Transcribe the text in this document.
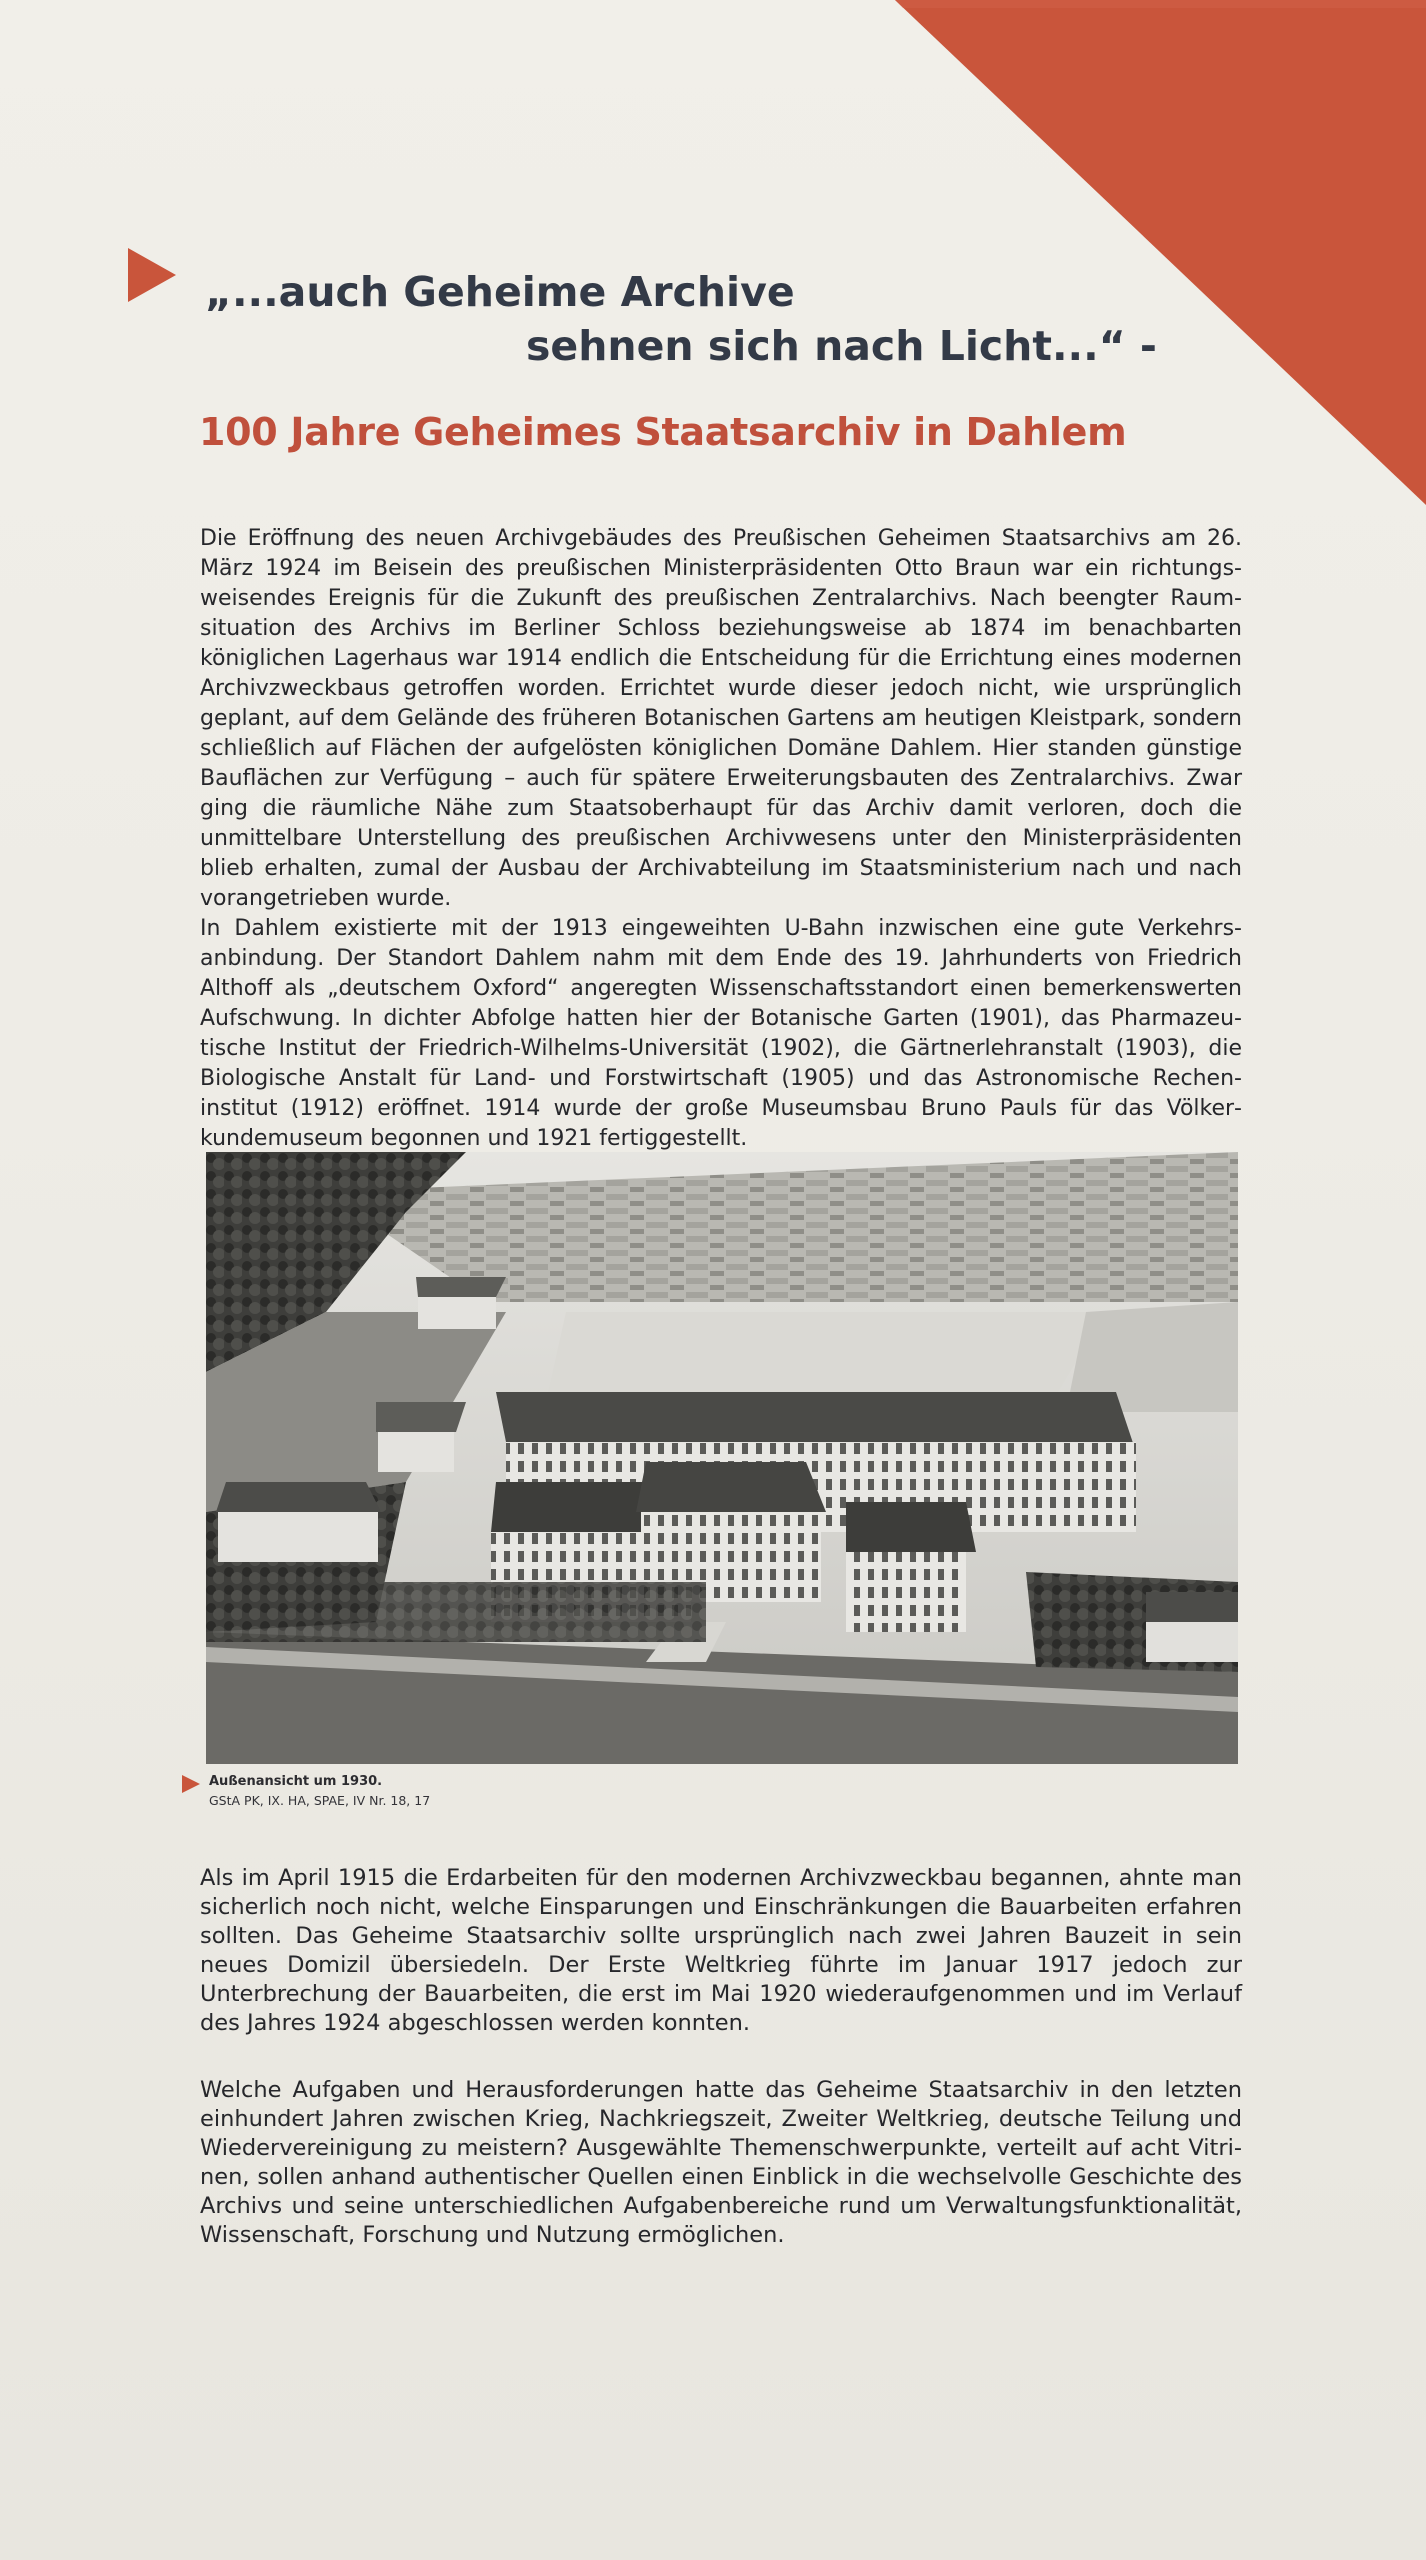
„...auch Geheime Archive
sehnen sich nach Licht...“ -
100 Jahre Geheimes Staatsarchiv in Dahlem

Die Eröffnung des neuen Archivgebäudes des Preußischen Geheimen Staatsarchivs am 26. März 1924 im Beisein des preußischen Ministerpräsidenten Otto Braun war ein richtungsweisendes Ereignis für die Zukunft des preußischen Zentralarchivs. Nach beengter Raumsituation des Archivs im Berliner Schloss beziehungsweise ab 1874 im benachbarten königlichen Lagerhaus war 1914 endlich die Entscheidung für die Errichtung eines modernen Archivzweckbaus getroffen worden. Errichtet wurde dieser jedoch nicht, wie ursprünglich geplant, auf dem Gelände des früheren Botanischen Gartens am heutigen Kleistpark, sondern schließlich auf Flächen der aufgelösten königlichen Domäne Dahlem. Hier standen günstige Bauflächen zur Verfügung – auch für spätere Erweiterungsbauten des Zentralarchivs. Zwar ging die räumliche Nähe zum Staatsoberhaupt für das Archiv damit verloren, doch die unmittelbare Unterstellung des preußischen Archivwesens unter den Ministerpräsidenten blieb erhalten, zumal der Ausbau der Archivabteilung im Staatsministerium nach und nach vorangetrieben wurde.

In Dahlem existierte mit der 1913 eingeweihten U-Bahn inzwischen eine gute Verkehrsanbindung. Der Standort Dahlem nahm mit dem Ende des 19. Jahrhunderts von Friedrich Althoff als „deutschem Oxford“ angeregten Wissenschaftsstandort einen bemerkenswerten Aufschwung. In dichter Abfolge hatten hier der Botanische Garten (1901), das Pharmazeutische Institut der Friedrich-Wilhelms-Universität (1902), die Gärtnerlehranstalt (1903), die Biologische Anstalt für Land- und Forstwirtschaft (1905) und das Astronomische Recheninstitut (1912) eröffnet. 1914 wurde der große Museumsbau Bruno Pauls für das Völkerkundemuseum begonnen und 1921 fertiggestellt.

Außenansicht um 1930.
GStA PK, IX. HA, SPAE, IV Nr. 18, 17

Als im April 1915 die Erdarbeiten für den modernen Archivzweckbau begannen, ahnte man sicherlich noch nicht, welche Einsparungen und Einschränkungen die Bauarbeiten erfahren sollten. Das Geheime Staatsarchiv sollte ursprünglich nach zwei Jahren Bauzeit in sein neues Domizil übersiedeln. Der Erste Weltkrieg führte im Januar 1917 jedoch zur Unterbrechung der Bauarbeiten, die erst im Mai 1920 wiederaufgenommen und im Verlauf des Jahres 1924 abgeschlossen werden konnten.

Welche Aufgaben und Herausforderungen hatte das Geheime Staatsarchiv in den letzten einhundert Jahren zwischen Krieg, Nachkriegszeit, Zweiter Weltkrieg, deutsche Teilung und Wiedervereinigung zu meistern? Ausgewählte Themenschwerpunkte, verteilt auf acht Vitrinen, sollen anhand authentischer Quellen einen Einblick in die wechselvolle Geschichte des Archivs und seine unterschiedlichen Aufgabenbereiche rund um Verwaltungsfunktionalität, Wissenschaft, Forschung und Nutzung ermöglichen.
